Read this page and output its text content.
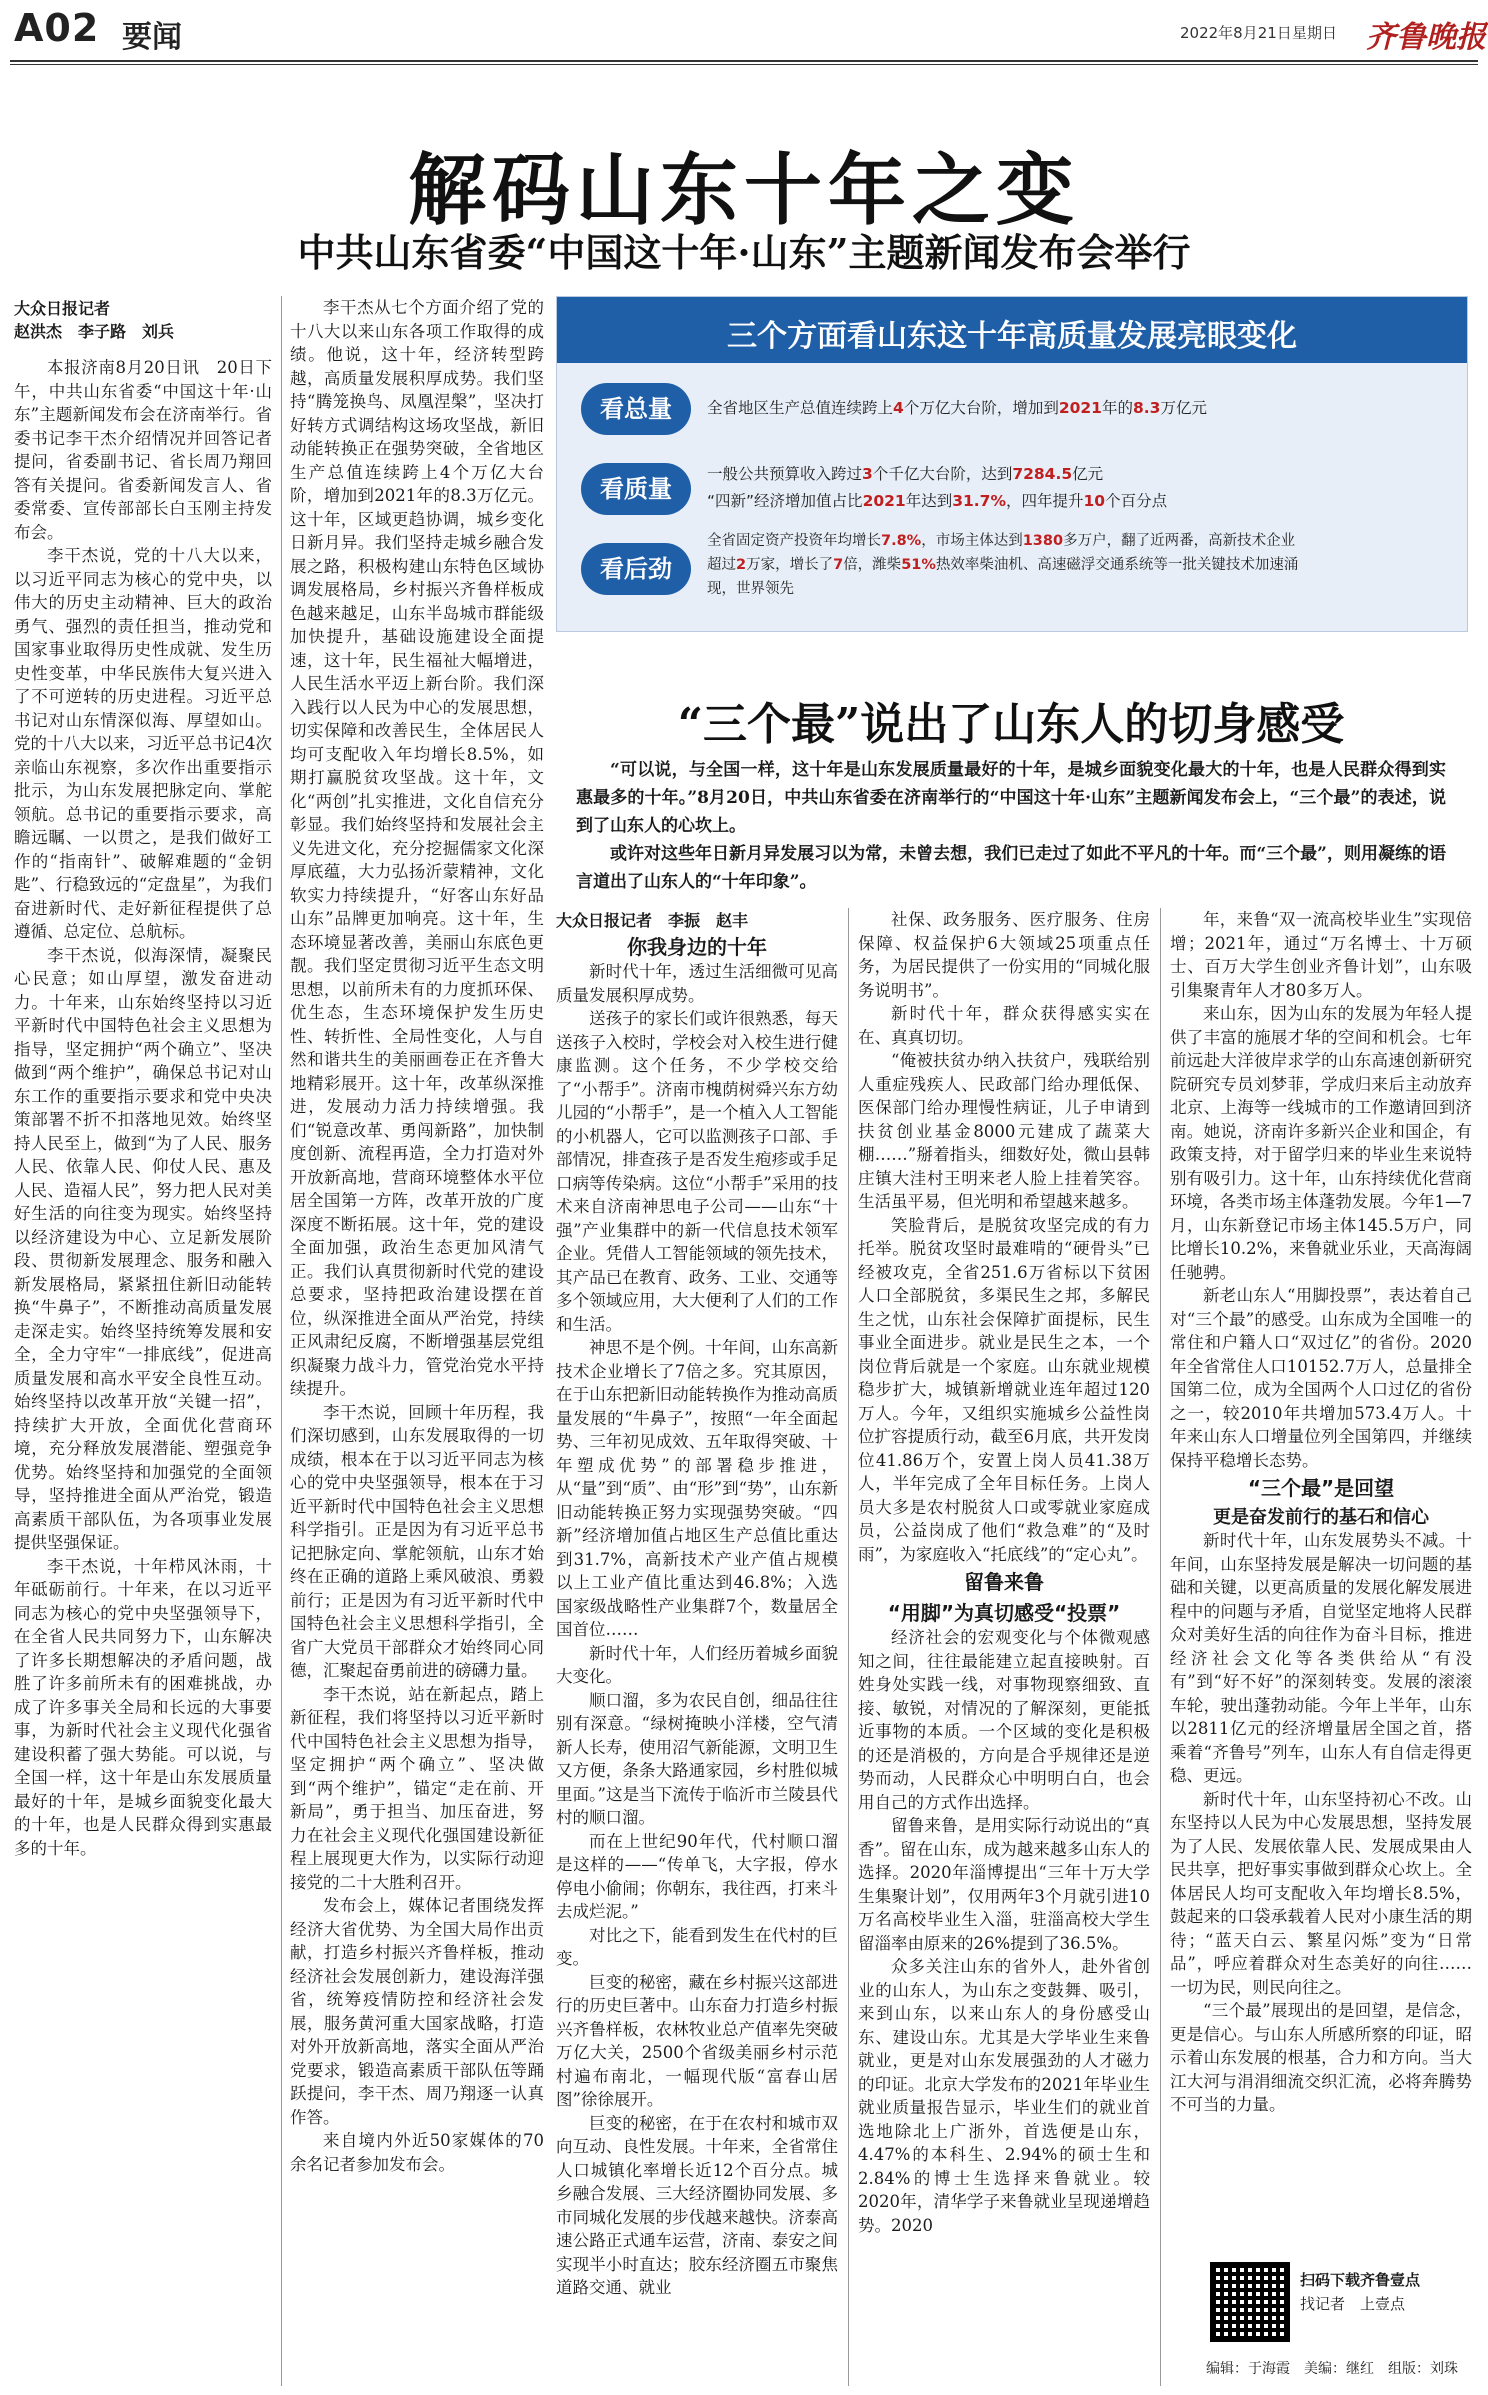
A02 要闻	2022年8月21日 星期日 齐鲁晚报
解码山东十年之变
中共山东省委“中国这十年·山东”主题新闻发布会举行

大众日报记者

赵洪杰　李子路　刘兵

本报济南8月20日讯　20日下午，中共山东省委“中国这十年·山东”主题新闻发布会在济南举行。省委书记李干杰介绍情况并回答记者提问，省委副书记、省长周乃翔回答有关提问。省委新闻发言人、省委常委、宣传部部长白玉刚主持发布会。

李干杰说，党的十八大以来，以习近平同志为核心的党中央，以伟大的历史主动精神、巨大的政治勇气、强烈的责任担当，推动党和国家事业取得历史性成就、发生历史性变革，中华民族伟大复兴进入了不可逆转的历史进程。习近平总书记对山东情深似海、厚望如山。党的十八大以来，习近平总书记4次亲临山东视察，多次作出重要指示批示，为山东发展把脉定向、掌舵领航。总书记的重要指示要求，高瞻远瞩、一以贯之，是我们做好工作的“指南针”、破解难题的“金钥匙”、行稳致远的“定盘星”，为我们奋进新时代、走好新征程提供了总遵循、总定位、总航标。

李干杰说，似海深情，凝聚民心民意；如山厚望，激发奋进动力。十年来，山东始终坚持以习近平新时代中国特色社会主义思想为指导，坚定拥护“两个确立”、坚决做到“两个维护”，确保总书记对山东工作的重要指示要求和党中央决策部署不折不扣落地见效。始终坚持人民至上，做到“为了人民、服务人民、依靠人民、仰仗人民、惠及人民、造福人民”，努力把人民对美好生活的向往变为现实。始终坚持以经济建设为中心、立足新发展阶段、贯彻新发展理念、服务和融入新发展格局，紧紧扭住新旧动能转换“牛鼻子”，不断推动高质量发展走深走实。始终坚持统筹发展和安全，全力守牢“一排底线”，促进高质量发展和高水平安全良性互动。始终坚持以改革开放“关键一招”，持续扩大开放，全面优化营商环境，充分释放发展潜能、塑强竞争优势。始终坚持和加强党的全面领导，坚持推进全面从严治党，锻造高素质干部队伍，为各项事业发展提供坚强保证。

李干杰说，十年栉风沐雨，十年砥砺前行。十年来，在以习近平同志为核心的党中央坚强领导下，在全省人民共同努力下，山东解决了许多长期想解决的矛盾问题，战胜了许多前所未有的困难挑战，办成了许多事关全局和长远的大事要事，为新时代社会主义现代化强省建设积蓄了强大势能。可以说，与全国一样，这十年是山东发展质量最好的十年，是城乡面貌变化最大的十年，也是人民群众得到实惠最多的十年。

李干杰从七个方面介绍了党的十八大以来山东各项工作取得的成绩。他说，这十年，经济转型跨越，高质量发展积厚成势。我们坚持“腾笼换鸟、凤凰涅槃”，坚决打好转方式调结构这场攻坚战，新旧动能转换正在强势突破，全省地区生产总值连续跨上4个万亿大台阶，增加到2021年的8.3万亿元。这十年，区域更趋协调，城乡变化日新月异。我们坚持走城乡融合发展之路，积极构建山东特色区域协调发展格局，乡村振兴齐鲁样板成色越来越足，山东半岛城市群能级加快提升，基础设施建设全面提速，这十年，民生福祉大幅增进，人民生活水平迈上新台阶。我们深入践行以人民为中心的发展思想，切实保障和改善民生，全体居民人均可支配收入年均增长8.5%，如期打赢脱贫攻坚战。这十年，文化“两创”扎实推进，文化自信充分彰显。我们始终坚持和发展社会主义先进文化，充分挖掘儒家文化深厚底蕴，大力弘扬沂蒙精神，文化软实力持续提升，“好客山东好品山东”品牌更加响亮。这十年，生态环境显著改善，美丽山东底色更靓。我们坚定贯彻习近平生态文明思想，以前所未有的力度抓环保、优生态，生态环境保护发生历史性、转折性、全局性变化，人与自然和谐共生的美丽画卷正在齐鲁大地精彩展开。这十年，改革纵深推进，发展动力活力持续增强。我们“锐意改革、勇闯新路”，加快制度创新、流程再造，全力打造对外开放新高地，营商环境整体水平位居全国第一方阵，改革开放的广度深度不断拓展。这十年，党的建设全面加强，政治生态更加风清气正。我们认真贯彻新时代党的建设总要求，坚持把政治建设摆在首位，纵深推进全面从严治党，持续正风肃纪反腐，不断增强基层党组织凝聚力战斗力，管党治党水平持续提升。

李干杰说，回顾十年历程，我们深切感到，山东发展取得的一切成绩，根本在于以习近平同志为核心的党中央坚强领导，根本在于习近平新时代中国特色社会主义思想科学指引。正是因为有习近平总书记把脉定向、掌舵领航，山东才始终在正确的道路上乘风破浪、勇毅前行；正是因为有习近平新时代中国特色社会主义思想科学指引，全省广大党员干部群众才始终同心同德，汇聚起奋勇前进的磅礴力量。

李干杰说，站在新起点，踏上新征程，我们将坚持以习近平新时代中国特色社会主义思想为指导，坚定拥护“两个确立”、坚决做到“两个维护”，锚定“走在前、开新局”，勇于担当、加压奋进，努力在社会主义现代化强国建设新征程上展现更大作为，以实际行动迎接党的二十大胜利召开。

发布会上，媒体记者围绕发挥经济大省优势、为全国大局作出贡献，打造乡村振兴齐鲁样板，推动经济社会发展创新力，建设海洋强省，统筹疫情防控和经济社会发展，服务黄河重大国家战略，打造对外开放新高地，落实全面从严治党要求，锻造高素质干部队伍等踊跃提问，李干杰、周乃翔逐一认真作答。

来自境内外近50家媒体的70余名记者参加发布会。

三个方面看山东这十年高质量发展亮眼变化
看总量	全省地区生产总值连续跨上4个万亿大台阶，增加到2021年的8.3万亿元
看质量
一般公共预算收入跨过3个千亿大台阶，达到7284.5亿元
“四新”经济增加值占比2021年达到31.7%，四年提升10个百分点
看后劲
全省固定资产投资年均增长7.8%，市场主体达到1380多万户，翻了近两番，高新技术企业超过2万家，增长了7倍，潍柴51%热效率柴油机、高速磁浮交通系统等一批关键技术加速涌现，世界领先
“三个最”说出了山东人的切身感受

“可以说，与全国一样，这十年是山东发展质量最好的十年，是城乡面貌变化最大的十年，也是人民群众得到实惠最多的十年。”8月20日，中共山东省委在济南举行的“中国这十年·山东”主题新闻发布会上，“三个最”的表述，说到了山东人的心坎上。

或许对这些年日新月异发展习以为常，未曾去想，我们已走过了如此不平凡的十年。而“三个最”，则用凝练的语言道出了山东人的“十年印象”。

大众日报记者　 李振　赵丰

你我身边的十年

新时代十年，透过生活细微可见高质量发展积厚成势。

送孩子的家长们或许很熟悉，每天送孩子入校时，学校会对入校生进行健康监测。这个任务，不少学校交给了“小帮手”。济南市槐荫树舜兴东方幼儿园的“小帮手”，是一个植入人工智能的小机器人，它可以监测孩子口部、手部情况，排查孩子是否发生疱疹或手足口病等传染病。这位“小帮手”采用的技术来自济南神思电子公司——山东“十强”产业集群中的新一代信息技术领军企业。凭借人工智能领域的领先技术，其产品已在教育、政务、工业、交通等多个领域应用，大大便利了人们的工作和生活。

神思不是个例。十年间，山东高新技术企业增长了7倍之多。究其原因，在于山东把新旧动能转换作为推动高质量发展的“牛鼻子”，按照“一年全面起势、三年初见成效、五年取得突破、十年塑成优势”的部署稳步推进，从“量”到“质”、由“形”到“势”，山东新旧动能转换正努力实现强势突破。“四新”经济增加值占地区生产总值比重达到31.7%，高新技术产业产值占规模以上工业产值比重达到46.8%；入选国家级战略性产业集群7个，数量居全国首位……

新时代十年，人们经历着城乡面貌大变化。

顺口溜，多为农民自创，细品往往别有深意。“绿树掩映小洋楼，空气清新人长寿，使用沼气新能源，文明卫生又方便，条条大路通家园，乡村胜似城里面。”这是当下流传于临沂市兰陵县代村的顺口溜。

而在上世纪90年代，代村顺口溜是这样的——“传单飞，大字报，停水停电小偷闹；你朝东，我往西，打来斗去成烂泥。”

对比之下，能看到发生在代村的巨变。

巨变的秘密，藏在乡村振兴这部进行的历史巨著中。山东奋力打造乡村振兴齐鲁样板，农林牧业总产值率先突破万亿大关，2500个省级美丽乡村示范村遍布南北，一幅现代版“富春山居图”徐徐展开。

巨变的秘密，在于在农村和城市双向互动、良性发展。十年来，全省常住人口城镇化率增长近12个百分点。城乡融合发展、三大经济圈协同发展、多市同城化发展的步伐越来越快。济泰高速公路正式通车运营，济南、泰安之间实现半小时直达；胶东经济圈五市聚焦道路交通、就业

社保、政务服务、医疗服务、住房保障、权益保护6大领域25项重点任务，为居民提供了一份实用的“同城化服务说明书”。

新时代十年，群众获得感实实在在、真真切切。

“俺被扶贫办纳入扶贫户，残联给别人重症残疾人、民政部门给办理低保、医保部门给办理慢性病证，儿子申请到扶贫创业基金8000元建成了蔬菜大棚……”掰着指头，细数好处，微山县韩庄镇大洼村王明来老人脸上挂着笑容。生活虽平易，但光明和希望越来越多。

笑脸背后，是脱贫攻坚完成的有力托举。脱贫攻坚时最难啃的“硬骨头”已经被攻克，全省251.6万省标以下贫困人口全部脱贫，多渠民生之邦，多解民生之忧，山东社会保障扩面提标，民生事业全面进步。就业是民生之本，一个岗位背后就是一个家庭。山东就业规模稳步扩大，城镇新增就业连年超过120万人。今年，又组织实施城乡公益性岗位扩容提质行动，截至6月底，共开发岗位41.86万个，安置上岗人员41.38万人，半年完成了全年目标任务。上岗人员大多是农村脱贫人口或零就业家庭成员，公益岗成了他们“救急难”的“及时雨”，为家庭收入“托底线”的“定心丸”。

留鲁来鲁

“用脚”为真切感受“投票”

经济社会的宏观变化与个体微观感知之间，往往最能建立起直接映射。百姓身处实践一线，对事物现察细致、直接、敏锐，对情况的了解深刻，更能抵近事物的本质。一个区域的变化是积极的还是消极的，方向是合乎规律还是逆势而动，人民群众心中明明白白，也会用自己的方式作出选择。

留鲁来鲁，是用实际行动说出的“真香”。留在山东，成为越来越多山东人的选择。2020年淄博提出“三年十万大学生集聚计划”，仅用两年3个月就引进10万名高校毕业生入淄，驻淄高校大学生留淄率由原来的26%提到了36.5%。

众多关注山东的省外人，赴外省创业的山东人，为山东之变鼓舞、吸引，来到山东，以来山东人的身份感受山东、建设山东。尤其是大学毕业生来鲁就业，更是对山东发展强劲的人才磁力的印证。北京大学发布的2021年毕业生就业质量报告显示，毕业生们的就业首选地除北上广浙外，首选便是山东，4.47%的本科生、2.94%的硕士生和2.84%的博士生选择来鲁就业。较2020年，清华学子来鲁就业呈现递增趋势。2020

年，来鲁“双一流高校毕业生”实现倍增；2021年，通过“万名博士、十万硕士、百万大学生创业齐鲁计划”，山东吸引集聚青年人才80多万人。

来山东，因为山东的发展为年轻人提供了丰富的施展才华的空间和机会。七年前远赴大洋彼岸求学的山东高速创新研究院研究专员刘梦菲，学成归来后主动放弃北京、上海等一线城市的工作邀请回到济南。她说，济南许多新兴企业和国企，有政策支持，对于留学归来的毕业生来说特别有吸引力。这十年，山东持续优化营商环境，各类市场主体蓬勃发展。今年1—7月，山东新登记市场主体145.5万户，同比增长10.2%，来鲁就业乐业，天高海阔任驰骋。

新老山东人“用脚投票”，表达着自己对“三个最”的感受。山东成为全国唯一的常住和户籍人口“双过亿”的省份。2020年全省常住人口10152.7万人，总量排全国第二位，成为全国两个人口过亿的省份之一，较2010年共增加573.4万人。十年来山东人口增量位列全国第四，并继续保持平稳增长态势。

“三个最”是回望

更是奋发前行的基石和信心

新时代十年，山东发展势头不减。十年间，山东坚持发展是解决一切问题的基础和关键，以更高质量的发展化解发展进程中的问题与矛盾，自觉坚定地将人民群众对美好生活的向往作为奋斗目标，推进经济社会文化等各类供给从“有没有”到“好不好”的深刻转变。发展的滚滚车轮，驶出蓬勃动能。今年上半年，山东以2811亿元的经济增量居全国之首，搭乘着“齐鲁号”列车，山东人有自信走得更稳、更远。

新时代十年，山东坚持初心不改。山东坚持以人民为中心发展思想，坚持发展为了人民、发展依靠人民、发展成果由人民共享，把好事实事做到群众心坎上。全体居民人均可支配收入年均增长8.5%，鼓起来的口袋承载着人民对小康生活的期待；“蓝天白云、繁星闪烁”变为“日常品”，呼应着群众对生态美好的向往……一切为民，则民向往之。

“三个最”展现出的是回望，是信念，更是信心。与山东人所感所察的印证，昭示着山东发展的根基，合力和方向。当大江大河与涓涓细流交织汇流，必将奔腾势不可当的力量。

扫码下载齐鲁壹点
找记者　上壹点
编辑：于海霞　美编：继红　组版：刘珠
